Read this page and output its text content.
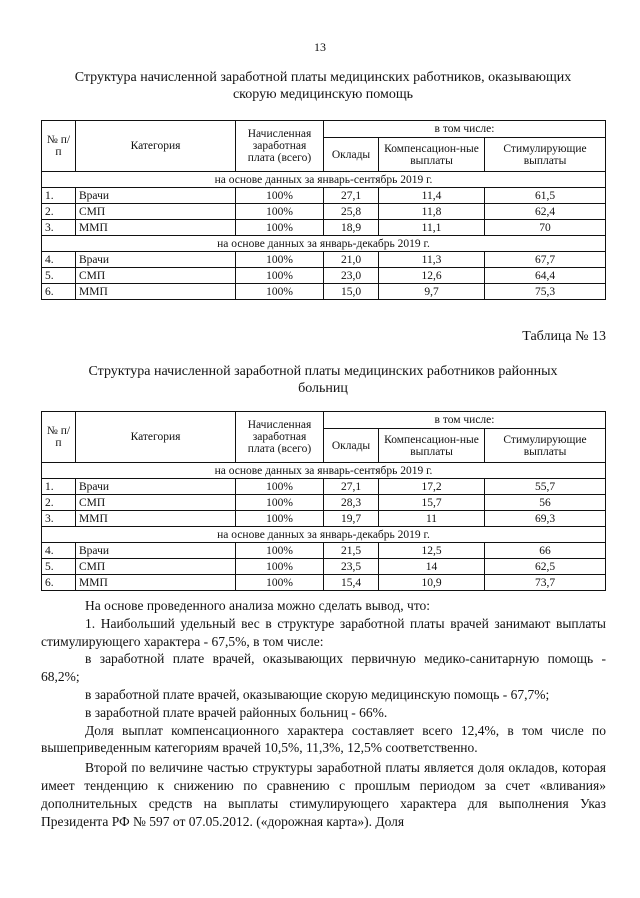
13
Структура начисленной заработной платы медицинских работников, оказывающих
скорую медицинскую помощь
№ п/п	Категория	Начисленная заработная плата (всего)	в том числе:		
			Оклады	Компенсацион-ные выплаты	Стимулирующие выплаты
на основе данных за январь-сентябрь 2019 г.					
1.	Врачи	100%	27,1	11,4	61,5
2.	СМП	100%	25,8	11,8	62,4
3.	ММП	100%	18,9	11,1	70
на основе данных за январь-декабрь 2019 г.					
4.	Врачи	100%	21,0	11,3	67,7
5.	СМП	100%	23,0	12,6	64,4
6.	ММП	100%	15,0	9,7	75,3
Таблица № 13
Структура начисленной заработной платы медицинских работников районных
больниц
№ п/п	Категория	Начисленная заработная плата (всего)	в том числе:		
			Оклады	Компенсацион-ные выплаты	Стимулирующие выплаты
на основе данных за январь-сентябрь 2019 г.					
1.	Врачи	100%	27,1	17,2	55,7
2.	СМП	100%	28,3	15,7	56
3.	ММП	100%	19,7	11	69,3
на основе данных за январь-декабрь 2019 г.					
4.	Врачи	100%	21,5	12,5	66
5.	СМП	100%	23,5	14	62,5
6.	ММП	100%	15,4	10,9	73,7

На основе проведенного анализа можно сделать вывод, что:

1. Наибольший удельный вес в структуре заработной платы врачей занимают выплаты стимулирующего характера - 67,5%, в том числе:

в заработной плате врачей, оказывающих первичную медико-санитарную помощь - 68,2%;

в заработной плате врачей, оказывающие скорую медицинскую помощь - 67,7%;

в заработной плате врачей районных больниц - 66%.

Доля выплат компенсационного характера составляет всего 12,4%, в том числе по вышеприведенным категориям врачей 10,5%, 11,3%, 12,5% соответственно.

Второй по величине частью структуры заработной платы является доля окладов, которая имеет тенденцию к снижению по сравнению с прошлым периодом за счет «вливания» дополнительных средств на выплаты стимулирующего характера для выполнения Указ Президента РФ № 597 от 07.05.2012. («дорожная карта»). Доля
